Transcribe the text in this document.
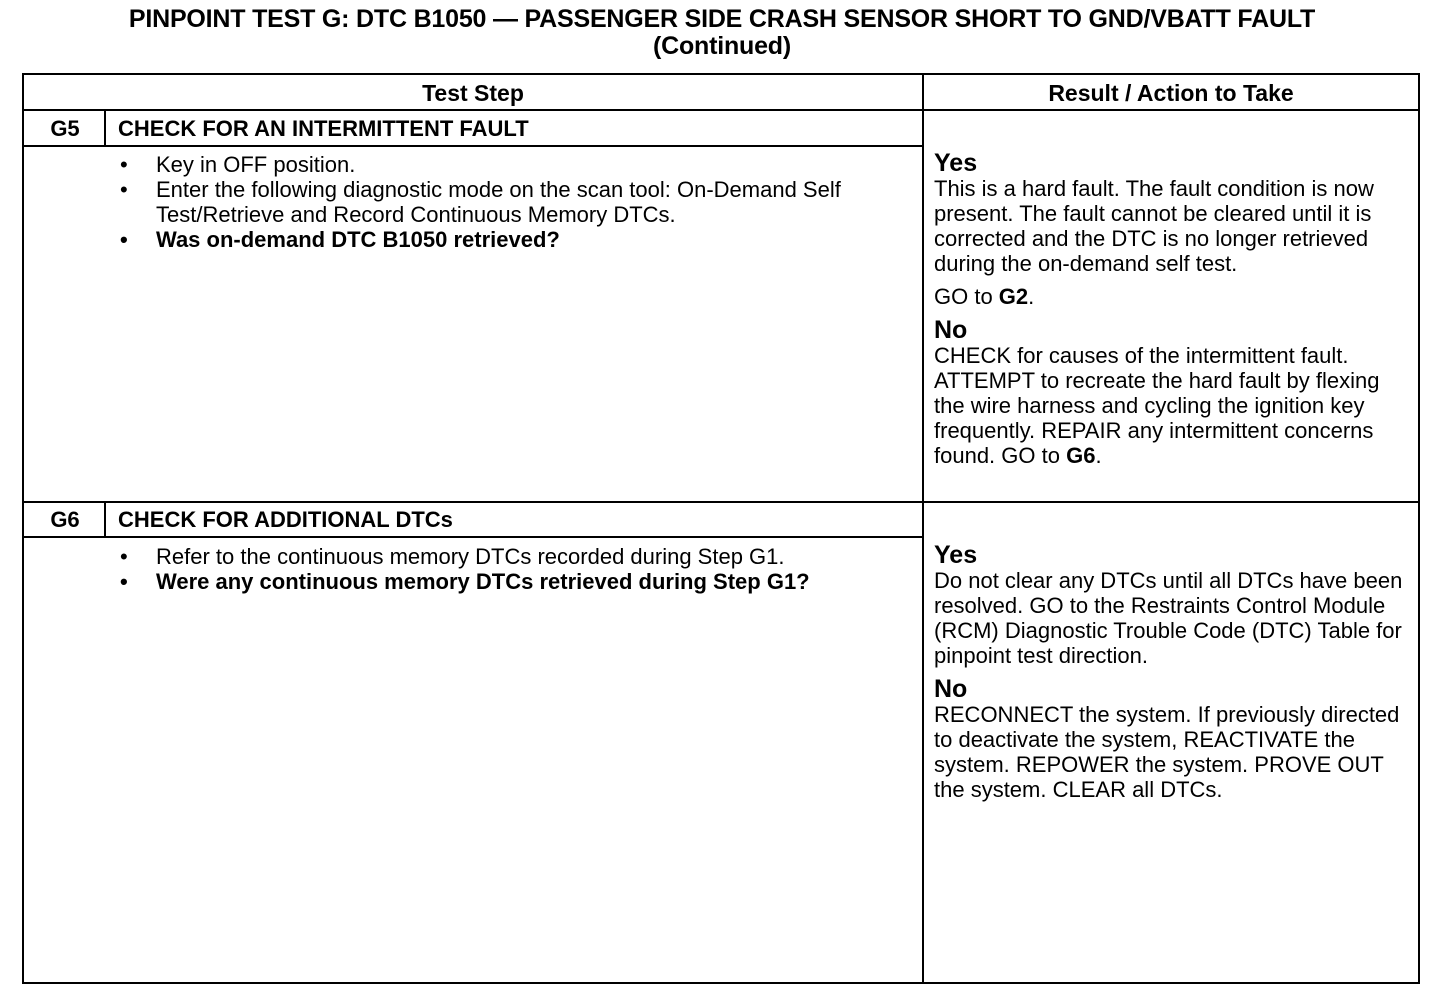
PINPOINT TEST G: DTC B1050 — PASSENGER SIDE CRASH SENSOR SHORT TO GND/VBATT FAULT
(Continued)
Test Step	Result / Action to Take
G5	CHECK FOR AN INTERMITTENT FAULT
• Key in OFF position.
• Enter the following diagnostic mode on the scan tool: On-Demand Self Test/Retrieve and Record Continuous Memory DTCs.
• Was on-demand DTC B1050 retrieved?
Yes

This is a hard fault. The fault condition is now present. The fault cannot be cleared until it is corrected and the DTC is no longer retrieved during the on-demand self test.

GO to G2.

No

CHECK for causes of the intermittent fault. ATTEMPT to recreate the hard fault by flexing the wire harness and cycling the ignition key frequently. REPAIR any intermittent concerns found. GO to G6.

G6	CHECK FOR ADDITIONAL DTCs
• Refer to the continuous memory DTCs recorded during Step G1.
• Were any continuous memory DTCs retrieved during Step G1?
Yes

Do not clear any DTCs until all DTCs have been resolved. GO to the Restraints Control Module (RCM) Diagnostic Trouble Code (DTC) Table for pinpoint test direction.

No

RECONNECT the system. If previously directed to deactivate the system, REACTIVATE the system. REPOWER the system. PROVE OUT the system. CLEAR all DTCs.
